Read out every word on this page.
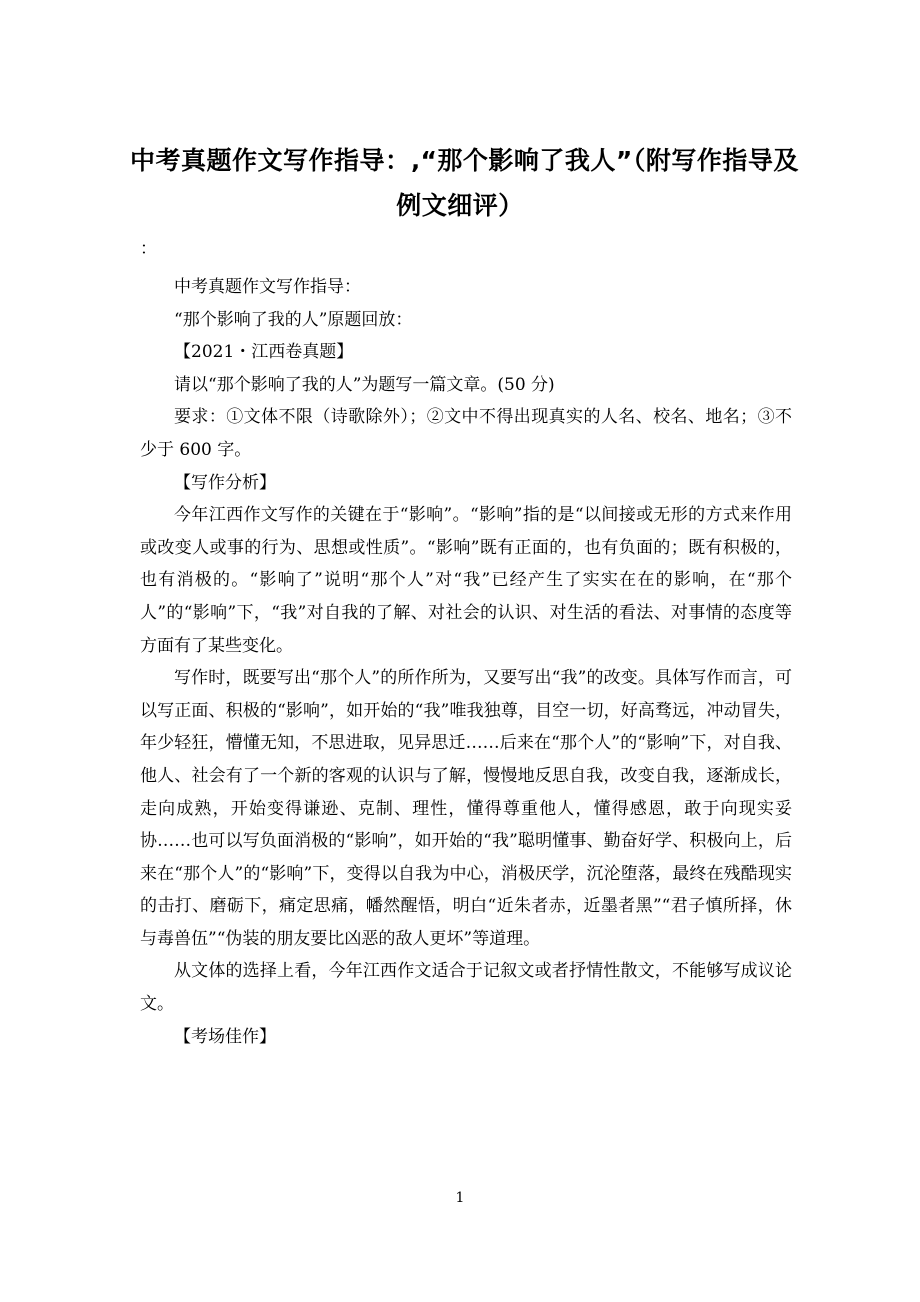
中考真题作文写作指导：‚“那个影响了我人”（附写作指导及
例文细评）
：

中考真题作文写作指导：

“那个影响了我的人”原题回放：

【2021・江西卷真题】

请以“那个影响了我的人”为题写一篇文章。(50 分)

要求：①文体不限（诗歌除外）；②文中不得出现真实的人名、校名、地名；③不少于 600 字。

【写作分析】

今年江西作文写作的关键在于“影响”。“影响”指的是“以间接或无形的方式来作用或改变人或事的行为、思想或性质”。“影响”既有正面的，也有负面的；既有积极的，也有消极的。“影响了”说明“那个人”对“我”已经产生了实实在在的影响，在“那个人”的“影响”下，“我”对自我的了解、对社会的认识、对生活的看法、对事情的态度等方面有了某些变化。

写作时，既要写出“那个人”的所作所为，又要写出“我”的改变。具体写作而言，可以写正面、积极的“影响”，如开始的“我”唯我独尊，目空一切，好高骛远，冲动冒失，年少轻狂，懵懂无知，不思进取，见异思迁……后来在“那个人”的“影响”下，对自我、他人、社会有了一个新的客观的认识与了解，慢慢地反思自我，改变自我，逐渐成长，走向成熟，开始变得谦逊、克制、理性，懂得尊重他人，懂得感恩，敢于向现实妥协……也可以写负面消极的“影响”，如开始的“我”聪明懂事、勤奋好学、积极向上，后来在“那个人”的“影响”下，变得以自我为中心，消极厌学，沉沦堕落，最终在残酷现实的击打、磨砺下，痛定思痛，幡然醒悟，明白“近朱者赤，近墨者黑”“君子慎所择，休与毒兽伍”“伪装的朋友要比凶恶的敌人更坏”等道理。

从文体的选择上看，今年江西作文适合于记叙文或者抒情性散文，不能够写成议论文。

【考场佳作】

1
